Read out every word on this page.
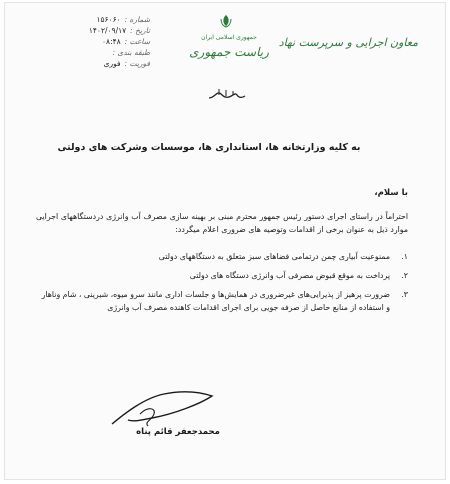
شماره :
۱۵۶۰۶۰
تاریخ :
۱۴۰۲/۰۹/۱۷
ساعت :
۰۸:۴۸
طبقه بندی :
فوریت :
فوری
جمهوری اسلامی ایران
ریاست جمهوری
معاون اجرایی و سرپرست نهاد
به کلیه وزارتخانه ها، استانداری ها، موسسات وشرکت های دولتی
با سلام،
احتراماً در راستای اجرای دستور رئیس جمهور محترم مبنی بر بهینه سازی مصرف آب وانرژی دردستگاههای اجرایی موارد ذیل به عنوان برخی از اقدامات وتوصیه های ضروری اعلام میگردد:
۱.
ممنوعیت آبیاری چمن درتمامی فضاهای سبز متعلق به دستگاههای دولتی
۲.
پرداخت به موقع قبوض مصرفی آب وانرژی دستگاه های دولتی
۳.
ضرورت پرهیز از پذیرایی‌های غیرضروری در همایش‌ها و جلسات اداری مانند سرو میوه، شیرینی ، شام وناهار و استفاده از منابع حاصل از صرفه جویی برای اجرای اقدامات کاهنده مصرف آب وانرژی
محمدجعفر قائم پناه
